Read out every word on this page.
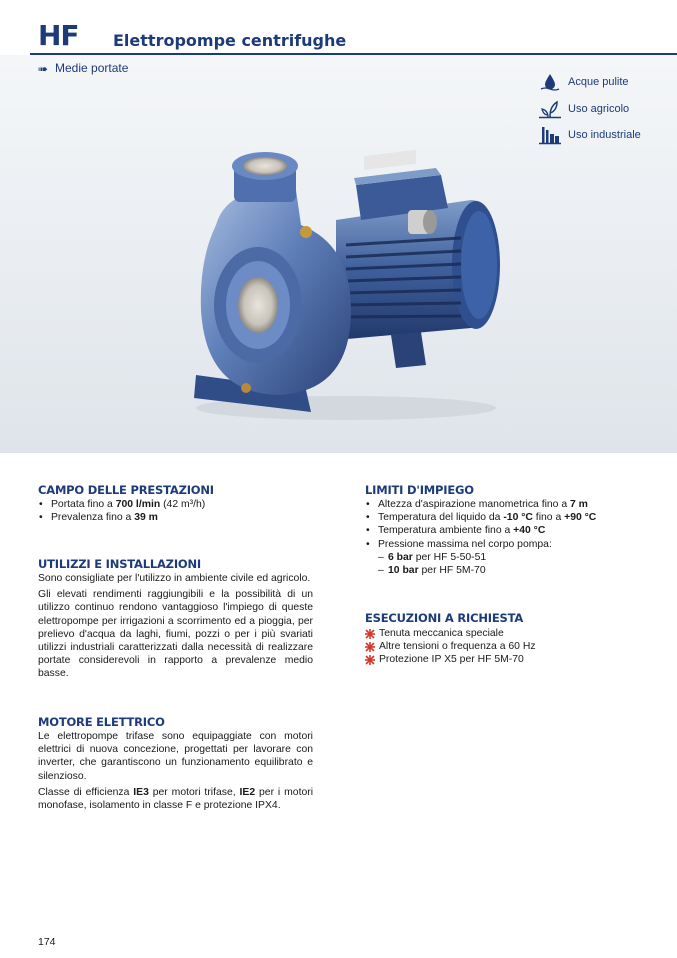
HF Elettropompe centrifughe
➠ Medie portate
Acque pulite
Uso agricolo
Uso industriale
CAMPO DELLE PRESTAZIONI
• Portata fino a 700 l/min (42 m³/h)
• Prevalenza fino a 39 m
UTILIZZI E INSTALLAZIONI

Sono consigliate per l'utilizzo in ambiente civile ed agricolo.

Gli elevati rendimenti raggiungibili e la possibilità di un utilizzo continuo rendono vantaggioso l'impiego di queste elettropompe per irrigazioni a scorrimento ed a pioggia, per prelievo d'acqua da laghi, fiumi, pozzi o per i più svariati utilizzi industriali caratterizzati dalla necessità di realizzare portate considerevoli in rapporto a prevalenze medio basse.

MOTORE ELETTRICO

Le elettropompe trifase sono equipaggiate con motori elettrici di nuova concezione, progettati per lavorare con inverter, che garantiscono un funzionamento equilibrato e silenzioso.

Classe di efficienza IE3 per motori trifase, IE2 per i motori monofase, isolamento in classe F e protezione IPX4.

LIMITI D'IMPIEGO
• Altezza d'aspirazione manometrica fino a 7 m
• Temperatura del liquido da -10 °C fino a +90 °C
• Temperatura ambiente fino a +40 °C
• Pressione massima nel corpo pompa:
– 6 bar per HF 5-50-51
– 10 bar per HF 5M-70
ESECUZIONI A RICHIESTA
Tenuta meccanica speciale
Altre tensioni o frequenza a 60 Hz
Protezione IP X5 per HF 5M-70
174
